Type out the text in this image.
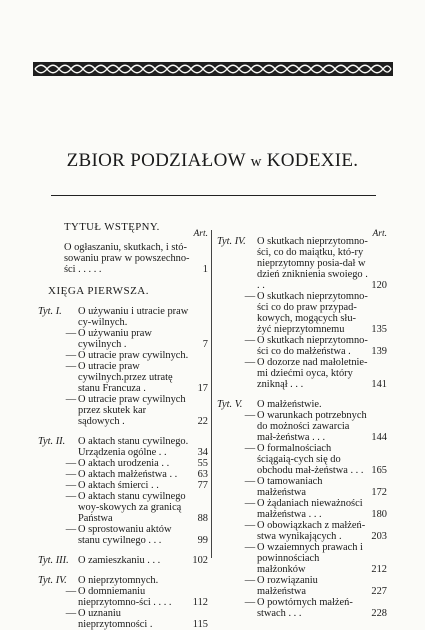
ZBIOR PODZIAŁOW w KODEXIE.
TYTUŁ WSTĘPNY.
Art.
O ogłaszaniu, skutkach, i stó-sowaniu praw w powszechno-ści . . . . .	1
XIĘGA PIERWSZA.
Tyt. I. O używaniu i utracie praw cy-wilnych.
— O używaniu praw cywilnych .	7
— O utracie praw cywilnych.
— O utracie praw cywilnych.przez utratę stanu Francuza .	17
— O utracie praw cywilnych przez skutek kar sądowych .	22
Tyt. II. O aktach stanu cywilnego.
Urządzenia ogólne . .	34
— O aktach urodzenia . .	55
— O aktach małżeństwa . .	63
— O aktach śmierci . .	77
— O aktach stanu cywilnego woy-skowych za granicą Państwa	88
— O sprostowaniu aktów stanu cywilnego . . .	99
Tyt. III. O zamieszkaniu . . .	102
Tyt. IV. O nieprzytomnych.
— O domniemaniu nieprzytomno-ści . . . .	112
— O uznaniu nieprzytomności .	115
Art.
Tyt. IV. O skutkach nieprzytomno-ści, co do maiątku, któ-ry nieprzytomny posia-dał w dzień zniknienia swoiego . . .	120
— O skutkach nieprzytomno-ści co do praw przypad-kowych, mogących słu-żyć nieprzytomnemu	135
— O skutkach nieprzytomno-ści co do małżeństwa .	139
— O dozorze nad małoletnie-mi dziećmi oyca, który zniknął . . .	141
Tyt. V. O małżeństwie.
— O warunkach potrzebnych do możności zawarcia mał-żeństwa . . .	144
— O formalnościach ściągaią-cych się do obchodu mał-żeństwa . . . 165
— O tamowaniach małżeństwa	172
— O żądaniach nieważności małżeństwa . . .	180
— O obowiązkach z małżeń-stwa wynikających .	203
— O wzaiemnych prawach i powinnościach małżonków	212
— O rozwiązaniu małżeństwa	227
— O powtórnych małżeń-stwach . . .	228
